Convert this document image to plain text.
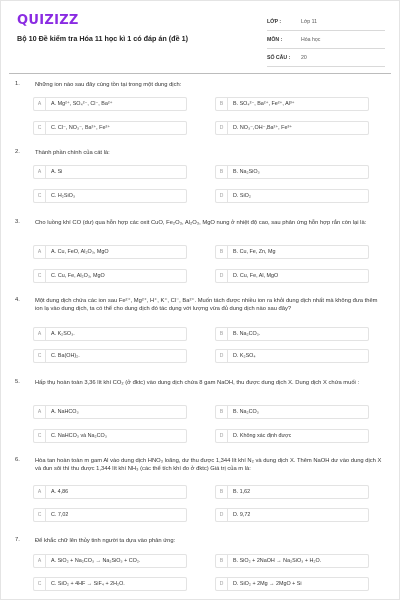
QUIZIZZ
Bộ 10 Đề kiểm tra Hóa 11 học kì 1 có đáp án (đề 1)
LỚP :	Lớp 11
MÔN :	Hóa học
SỐ CÂU :	20
1.	Những ion nào sau đây cùng tồn tại trong một dung dịch:
A	A. Mg²⁺, SO₄²⁻, Cl⁻, Ba²⁺	B	B. SO₄²⁻, Ba²⁺, Fe²⁺, Al³⁺
C	C. Cl⁻, NO₃⁻, Ba²⁺, Fe²⁺	D	D. NO₃⁻,OH⁻,Ba²⁺, Fe³⁺
2.	Thành phần chính của cát là:
A	A. Si	B	B. Na₂SiO₃
C	C. H₂SiO₃	D	D. SiO₂
3.	Cho luồng khí CO (dư) qua hỗn hợp các oxit CuO, Fe₂O₃, Al₂O₃, MgO nung ở nhiệt độ cao, sau phản ứng hỗn hợp rắn còn lại là:
A	A. Cu, FeO, Al₂O₃, MgO	B	B. Cu, Fe, Zn, Mg
C	C. Cu, Fe, Al₂O₃, MgO	D	D. Cu, Fe, Al, MgO
4.	Một dung dịch chứa các ion sau Fe²⁺, Mg²⁺, H⁺, K⁺, Cl⁻, Ba²⁺. Muốn tách được nhiều ion ra khỏi dung dịch nhất mà không đưa thêm ion lạ vào dung dịch, ta có thể cho dung dịch đó tác dụng với lượng vừa đủ dung dịch nào sau đây?
A	A. K₂SO₃.	B	B. Na₂CO₃.
C	C. Ba(OH)₂.	D	D. K₂SO₄
5.	Hấp thụ hoàn toàn 3,36 lít khí CO₂ (ở đktc) vào dung dịch chứa 8 gam NaOH, thu được dung dịch X. Dung dịch X chứa muối :
A	A. NaHCO₃	B	B. Na₂CO₃
C	C. NaHCO₃ và Na₂CO₃	D	D. Không xác định được
6.	Hòa tan hoàn toàn m gam Al vào dung dịch HNO₃ loãng, dư thu được 1,344 lít khí N₂ và dung dịch X. Thêm NaOH dư vào dung dịch X và đun sôi thì thu được 1,344 lít khí NH₃ (các thể tích khí đo ở đktc) Giá trị của m là:
A	A. 4,86	B	B. 1,62
C	C. 7,02	D	D. 9,72
7.	Để khắc chữ lên thủy tinh người ta dựa vào phản ứng:
A	A. SiO₂ + Na₂CO₃ → Na₂SiO₃ + CO₂.	B	B. SiO₂ + 2NaOH → Na₂SiO₃ + H₂O.
C	C. SiO₂ + 4HF → SiF₄ + 2H₂O.	D	D. SiO₂ + 2Mg → 2MgO + Si
